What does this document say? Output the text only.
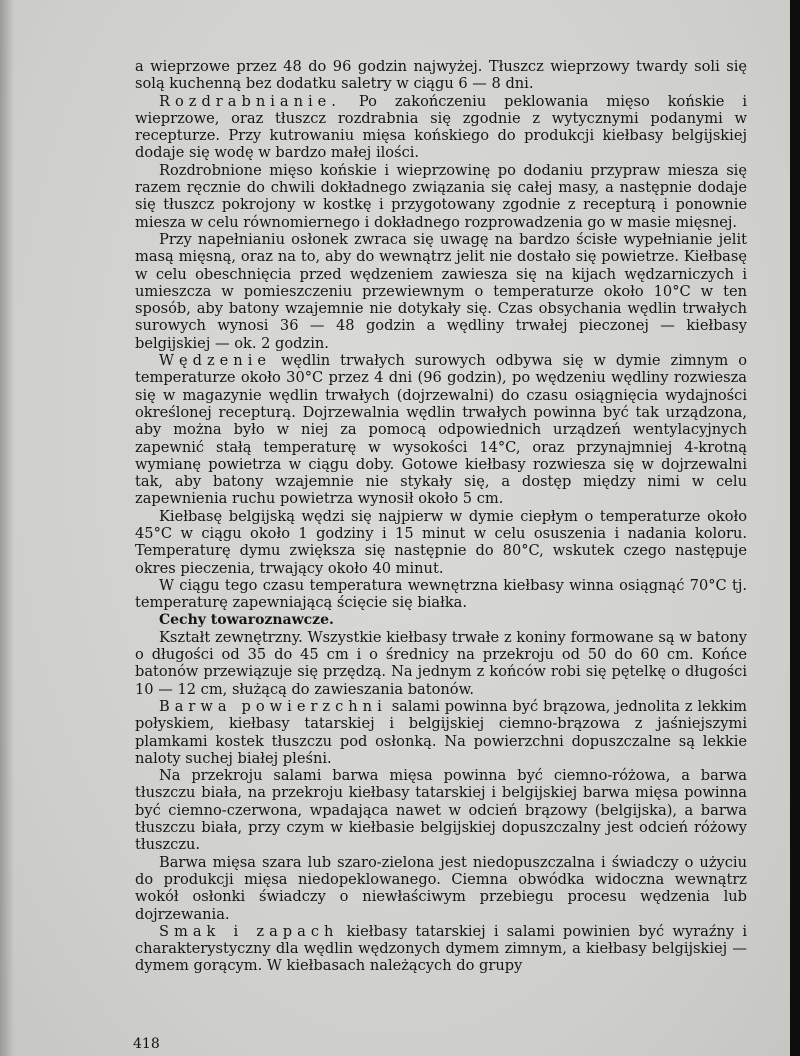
a wieprzowe przez 48 do 96 godzin najwyżej. Tłuszcz wieprzowy twardy soli się solą kuchenną bez dodatku saletry w ciągu 6 — 8 dni.

Rozdrabnianie. Po zakończeniu peklowania mięso końskie i wieprzowe, oraz tłuszcz rozdrabnia się zgodnie z wytycznymi podanymi w recepturze. Przy kutrowaniu mięsa końskiego do produkcji kiełbasy belgijskiej dodaje się wodę w bardzo małej ilości.

Rozdrobnione mięso końskie i wieprzowinę po dodaniu przypraw miesza się razem ręcznie do chwili dokładnego związania się całej masy, a następnie dodaje się tłuszcz pokrojony w kostkę i przygotowany zgodnie z recepturą i ponownie miesza w celu równomiernego i dokładnego rozprowadzenia go w masie mięsnej.

Przy napełnianiu osłonek zwraca się uwagę na bardzo ścisłe wypełnianie jelit masą mięsną, oraz na to, aby do wewnątrz jelit nie dostało się powietrze. Kiełbasę w celu obeschnięcia przed wędzeniem zawiesza się na kijach wędzarniczych i umieszcza w pomieszczeniu przewiewnym o temperaturze około 10°C w ten sposób, aby batony wzajemnie nie dotykały się. Czas obsychania wędlin trwałych surowych wynosi 36 — 48 godzin a wędliny trwałej pieczonej — kiełbasy belgijskiej — ok. 2 godzin.

Wędzenie wędlin trwałych surowych odbywa się w dymie zimnym o temperaturze około 30°C przez 4 dni (96 godzin), po wędzeniu wędliny rozwiesza się w magazynie wędlin trwałych (dojrzewalni) do czasu osiągnięcia wydajności określonej recepturą. Dojrzewalnia wędlin trwałych powinna być tak urządzona, aby można było w niej za pomocą odpowiednich urządzeń wentylacyjnych zapewnić stałą temperaturę w wysokości 14°C, oraz przynajmniej 4-krotną wymianę powietrza w ciągu doby. Gotowe kiełbasy rozwiesza się w dojrzewalni tak, aby batony wzajemnie nie stykały się, a dostęp między nimi w celu zapewnienia ruchu powietrza wynosił około 5 cm.

Kiełbasę belgijską wędzi się najpierw w dymie ciepłym o temperaturze około 45°C w ciągu około 1 godziny i 15 minut w celu osuszenia i nadania koloru. Temperaturę dymu zwiększa się następnie do 80°C, wskutek czego następuje okres pieczenia, trwający około 40 minut.

W ciągu tego czasu temperatura wewnętrzna kiełbasy winna osiągnąć 70°C tj. temperaturę zapewniającą ścięcie się białka.

Cechy towaroznawcze.

Kształt zewnętrzny. Wszystkie kiełbasy trwałe z koniny formowane są w batony o długości od 35 do 45 cm i o średnicy na przekroju od 50 do 60 cm. Końce batonów przewiązuje się przędzą. Na jednym z końców robi się pętelkę o długości 10 — 12 cm, służącą do zawieszania batonów.

Barwa powierzchni salami powinna być brązowa, jednolita z lekkim połyskiem, kiełbasy tatarskiej i belgijskiej ciemno-brązowa z jaśniejszymi plamkami kostek tłuszczu pod osłonką. Na powierzchni dopuszczalne są lekkie naloty suchej białej pleśni.

Na przekroju salami barwa mięsa powinna być ciemno-różowa, a barwa tłuszczu biała, na przekroju kiełbasy tatarskiej i belgijskiej barwa mięsa powinna być ciemno-czerwona, wpadająca nawet w odcień brązowy (belgijska), a barwa tłuszczu biała, przy czym w kiełbasie belgijskiej dopuszczalny jest odcień różowy tłuszczu.

Barwa mięsa szara lub szaro-zielona jest niedopuszczalna i świadczy o użyciu do produkcji mięsa niedopeklowanego. Ciemna obwódka widoczna wewnątrz wokół osłonki świadczy o niewłaściwym przebiegu procesu wędzenia lub dojrzewania.

Smak i zapach kiełbasy tatarskiej i salami powinien być wyraźny i charakterystyczny dla wędlin wędzonych dymem zimnym, a kiełbasy belgijskiej — dymem gorącym. W kiełbasach należących do grupy

418
